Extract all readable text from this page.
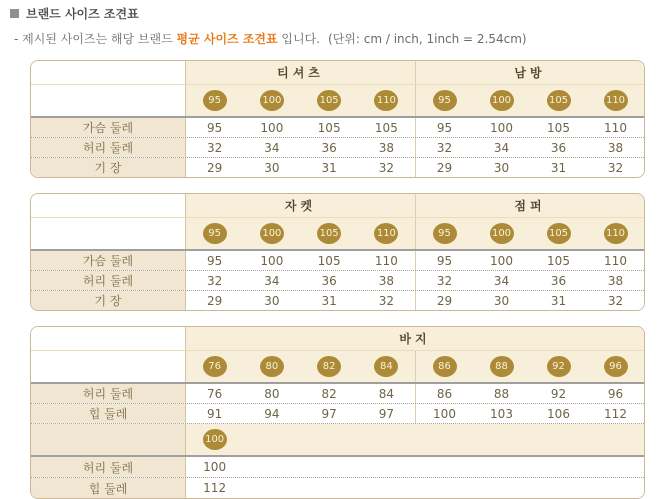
브랜드 사이즈 조견표
- 제시된 사이즈는 해당 브랜드 평균 사이즈 조견표 입니다. (단위: cm / inch, 1inch = 2.54cm)
티셔츠	남방
95	100	105	110	95	100	105	110
가슴 둘레	95	100	105	105	95	100	105	110
허리 둘레	32	34	36	38	32	34	36	38
기 장	29	30	31	32	29	30	31	32
자켓	점퍼
95	100	105	110	95	100	105	110
가슴 둘레	95	100	105	110	95	100	105	110
허리 둘레	32	34	36	38	32	34	36	38
기 장	29	30	31	32	29	30	31	32
바지
76	80	82	84	86	88	92	96
허리 둘레	76	80	82	84	86	88	92	96
힙 둘레	91	94	97	97	100	103	106	112
100
허리 둘레	100
힙 둘레	112
